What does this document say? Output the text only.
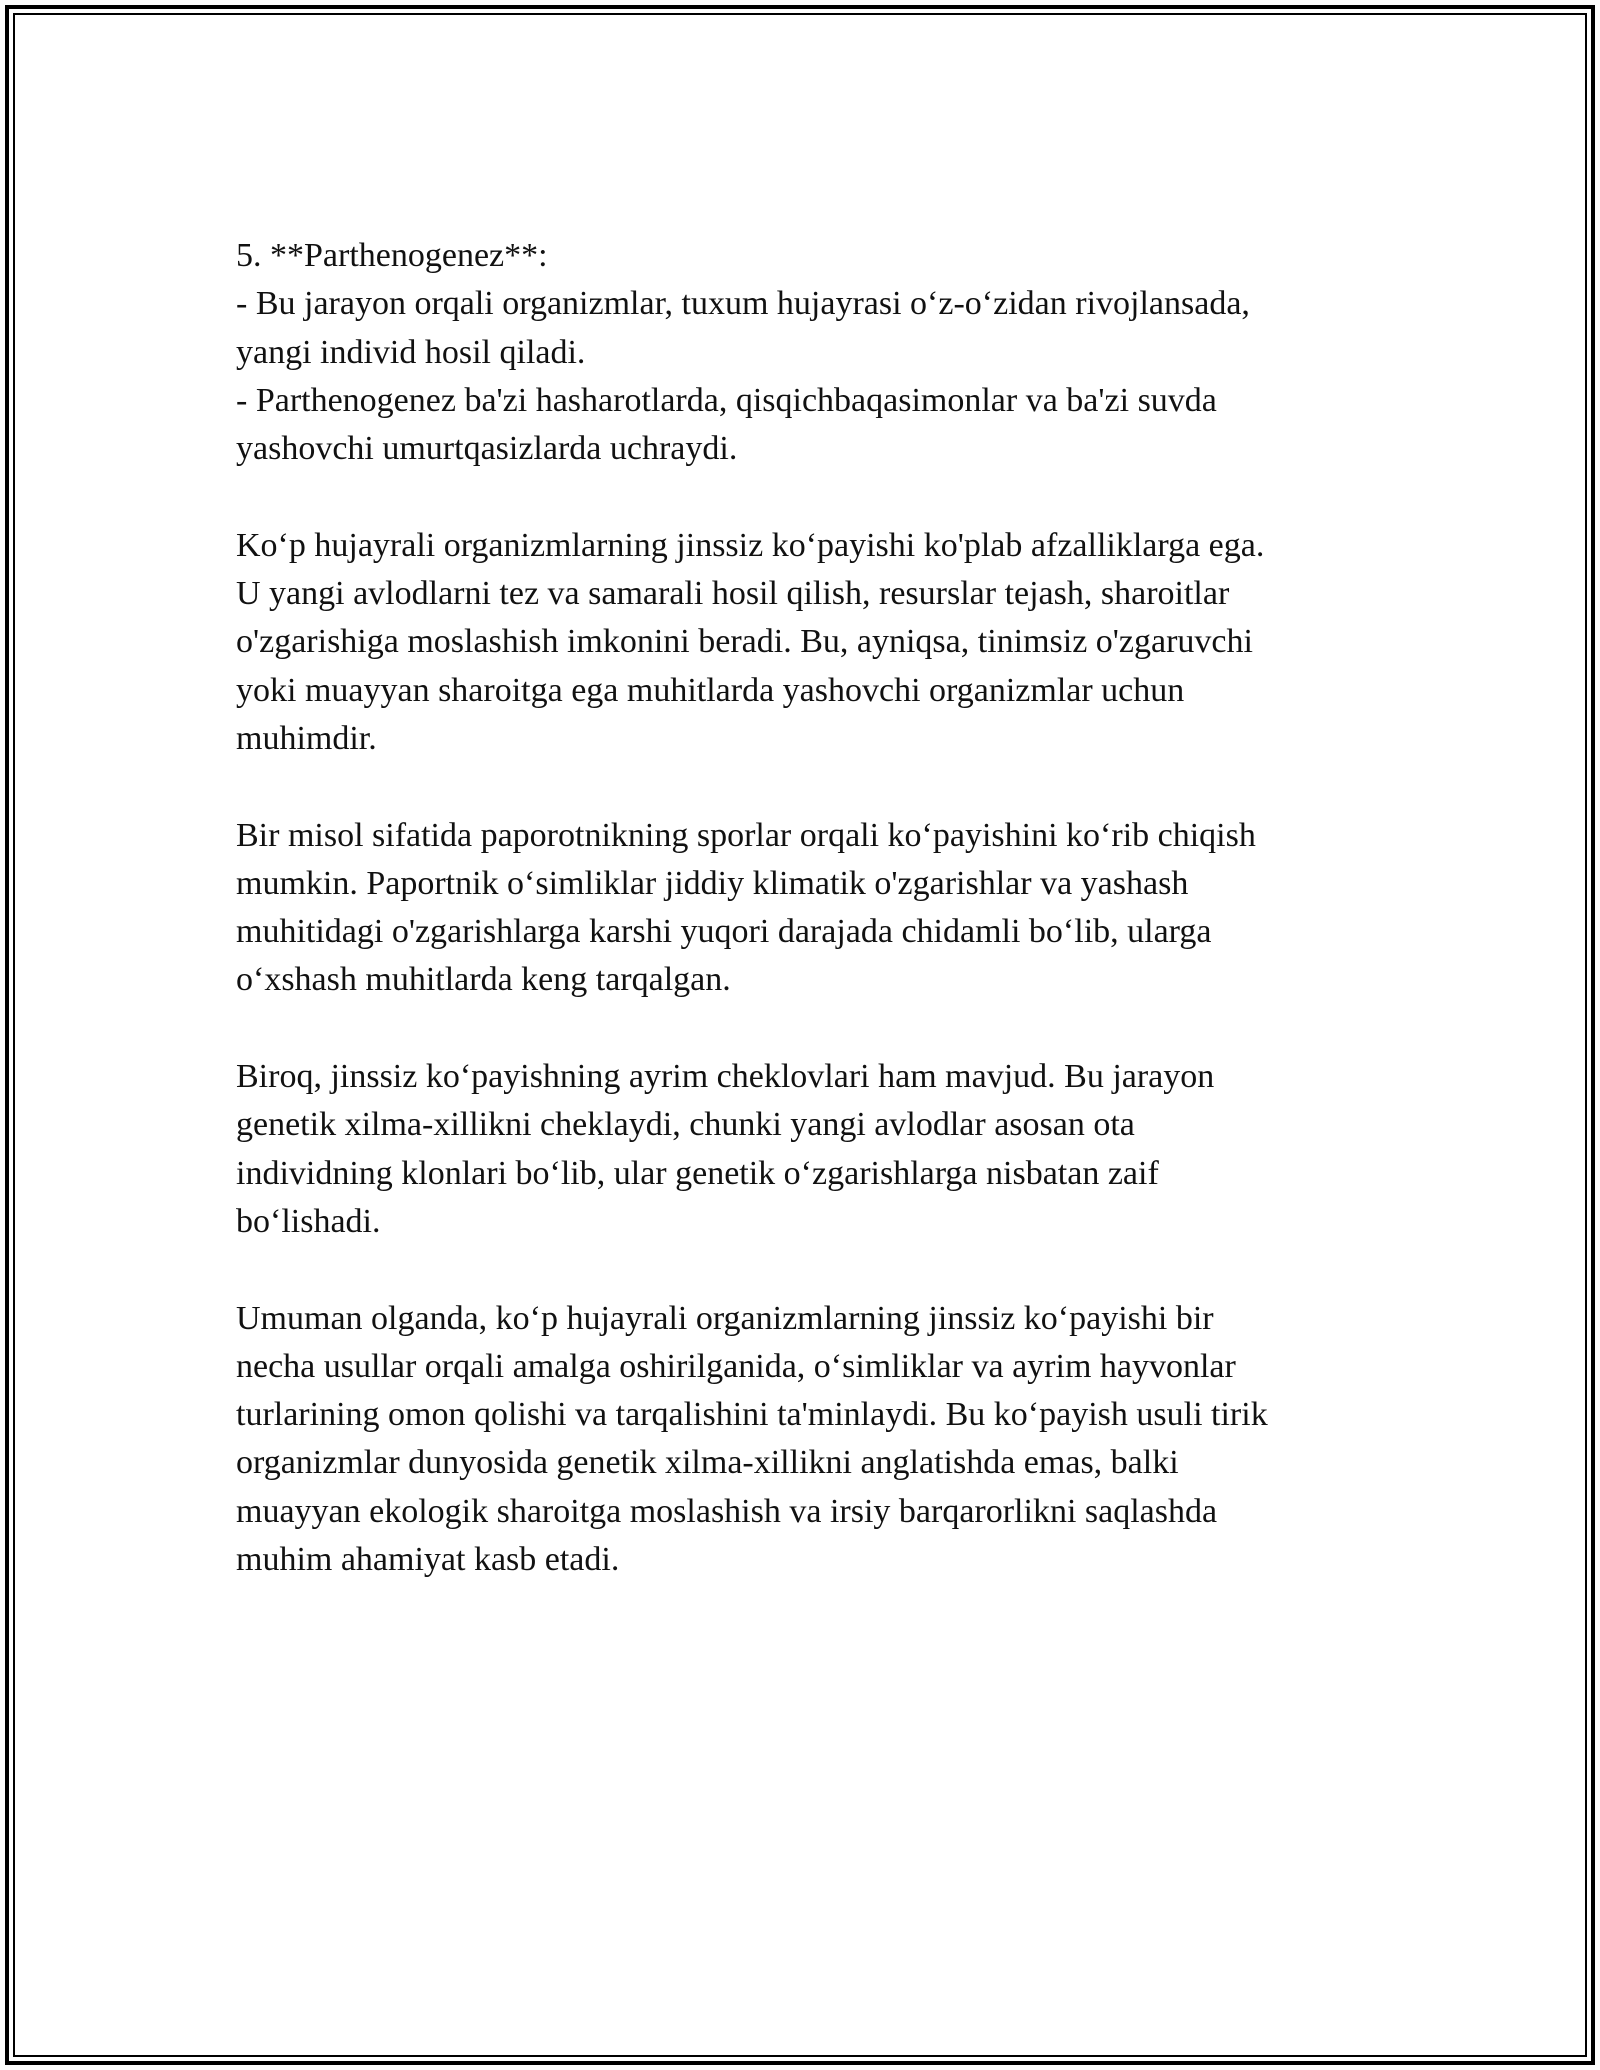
5. **Parthenogenez**:

- Bu jarayon orqali organizmlar, tuxum hujayrasi o‘z-o‘zidan rivojlansada,
yangi individ hosil qiladi.

- Parthenogenez ba'zi hasharotlarda, qisqichbaqasimonlar va ba'zi suvda
yashovchi umurtqasizlarda uchraydi.

Ko‘p hujayrali organizmlarning jinssiz ko‘payishi ko'plab afzalliklarga ega.
U yangi avlodlarni tez va samarali hosil qilish, resurslar tejash, sharoitlar
o'zgarishiga moslashish imkonini beradi. Bu, ayniqsa, tinimsiz o'zgaruvchi
yoki muayyan sharoitga ega muhitlarda yashovchi organizmlar uchun
muhimdir.

Bir misol sifatida paporotnikning sporlar orqali ko‘payishini ko‘rib chiqish
mumkin. Paportnik o‘simliklar jiddiy klimatik o'zgarishlar va yashash
muhitidagi o'zgarishlarga karshi yuqori darajada chidamli bo‘lib, ularga
o‘xshash muhitlarda keng tarqalgan.

Biroq, jinssiz ko‘payishning ayrim cheklovlari ham mavjud. Bu jarayon
genetik xilma-xillikni cheklaydi, chunki yangi avlodlar asosan ota
individning klonlari bo‘lib, ular genetik o‘zgarishlarga nisbatan zaif
bo‘lishadi.

Umuman olganda, ko‘p hujayrali organizmlarning jinssiz ko‘payishi bir
necha usullar orqali amalga oshirilganida, o‘simliklar va ayrim hayvonlar
turlarining omon qolishi va tarqalishini ta'minlaydi. Bu ko‘payish usuli tirik
organizmlar dunyosida genetik xilma-xillikni anglatishda emas, balki
muayyan ekologik sharoitga moslashish va irsiy barqarorlikni saqlashda
muhim ahamiyat kasb etadi.
